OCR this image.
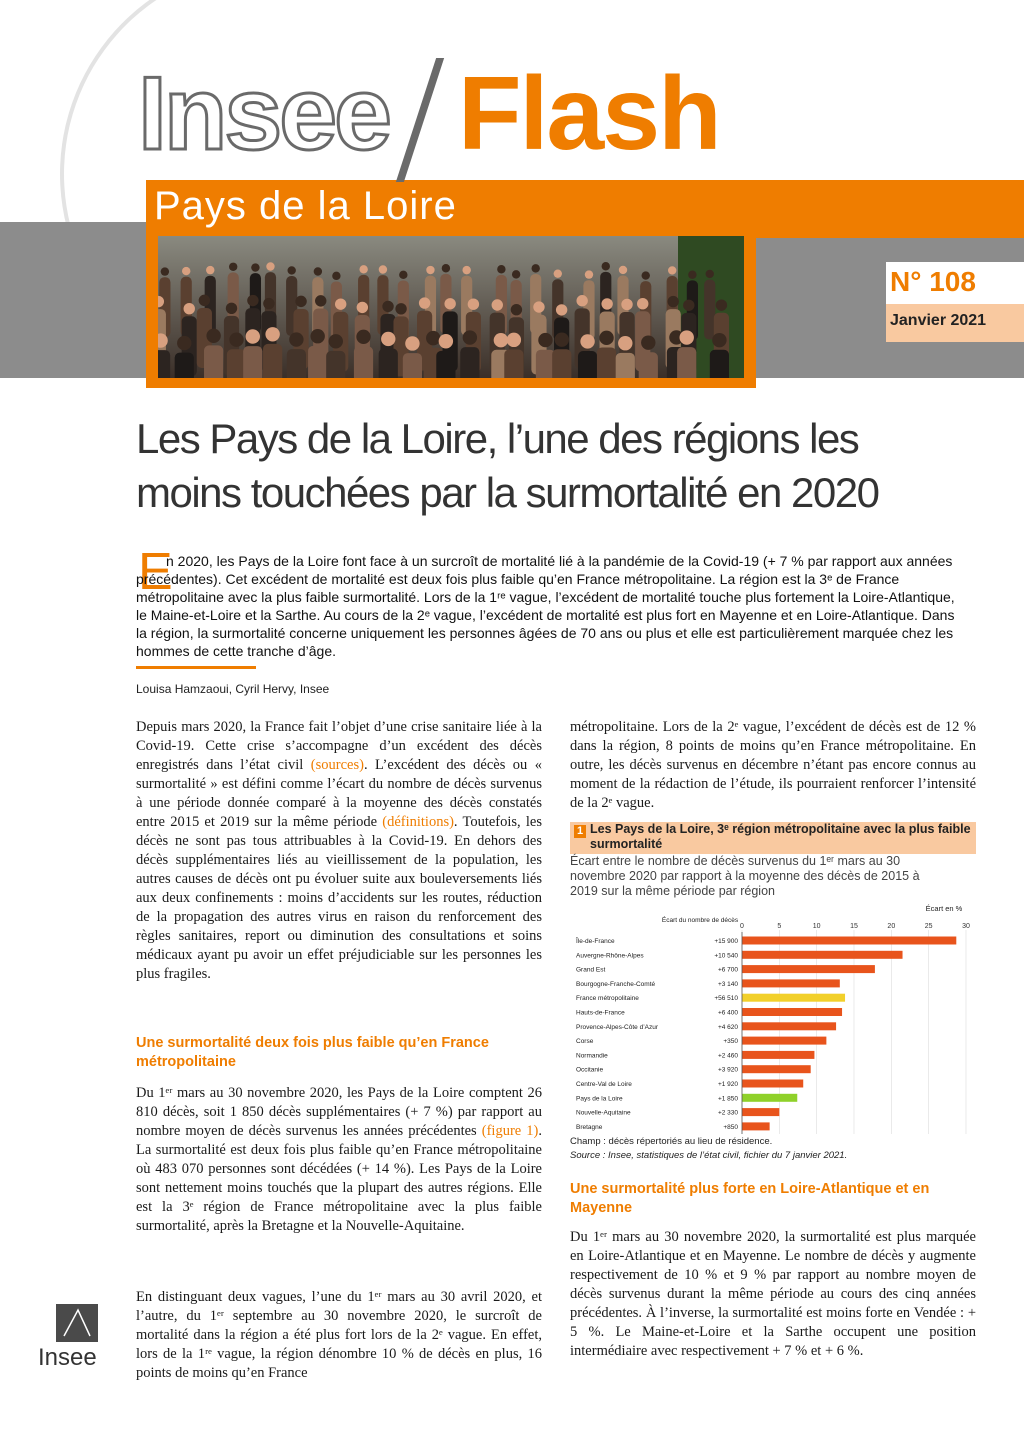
Insee Flash
Pays de la Loire
N° 108
Janvier 2021
Les Pays de la Loire, l’une des régions les moins touchées par la surmortalité en 2020
E
n 2020, les Pays de la Loire font face à un surcroît de mortalité lié à la pandémie de la Covid-19 (+ 7 % par rapport aux années précédentes). Cet excédent de mortalité est deux fois plus faible qu’en France métropolitaine. La région est la 3ᵉ de France métropolitaine avec la plus faible surmortalité. Lors de la 1ʳᵉ vague, l’excédent de mortalité touche plus fortement la Loire-Atlantique, le Maine-et-Loire et la Sarthe. Au cours de la 2ᵉ vague, l’excédent de mortalité est plus fort en Mayenne et en Loire-Atlantique. Dans la région, la surmortalité concerne uniquement les personnes âgées de 70 ans ou plus et elle est particulièrement marquée chez les hommes de cette tranche d’âge.
Louisa Hamzaoui, Cyril Hervy, Insee

Depuis mars 2020, la France fait l’objet d’une crise sanitaire liée à la Covid-19. Cette crise s’accompagne d’un excédent des décès enregistrés dans l’état civil (sources). L’excédent des décès ou « surmortalité » est défini comme l’écart du nombre de décès survenus à une période donnée comparé à la moyenne des décès constatés entre 2015 et 2019 sur la même période (définitions). Toutefois, les décès ne sont pas tous attribuables à la Covid-19. En dehors des décès supplémentaires liés au vieillissement de la population, les autres causes de décès ont pu évoluer suite aux bouleversements liés aux deux confinements : moins d’accidents sur les routes, réduction de la propagation des autres virus en raison du renforcement des règles sanitaires, report ou diminution des consultations et soins médicaux ayant pu avoir un effet préjudiciable sur les personnes les plus fragiles.

Une surmortalité deux fois plus faible qu’en France métropolitaine

Du 1ᵉʳ mars au 30 novembre 2020, les Pays de la Loire comptent 26 810 décès, soit 1 850 décès supplémentaires (+ 7 %) par rapport au nombre moyen de décès survenus les années précédentes (figure 1). La surmortalité est deux fois plus faible qu’en France métropolitaine où 483 070 personnes sont décédées (+ 14 %). Les Pays de la Loire sont nettement moins touchés que la plupart des autres régions. Elle est la 3ᵉ région de France métropolitaine avec la plus faible surmortalité, après la Bretagne et la Nouvelle-Aquitaine.

En distinguant deux vagues, l’une du 1ᵉʳ mars au 30 avril 2020, et l’autre, du 1ᵉʳ septembre au 30 novembre 2020, le surcroît de mortalité dans la région a été plus fort lors de la 2ᵉ vague. En effet, lors de la 1ʳᵉ vague, la région dénombre 10 % de décès en plus, 16 points de moins qu’en France

métropolitaine. Lors de la 2ᵉ vague, l’excédent de décès est de 12 % dans la région, 8 points de moins qu’en France métropolitaine. En outre, les décès survenus en décembre n’étant pas encore connus au moment de la rédaction de l’étude, ils pourraient renforcer l’intensité de la 2ᵉ vague.

1 Les Pays de la Loire, 3ᵉ région métropolitaine avec la plus faible surmortalité
Écart entre le nombre de décès survenus du 1ᵉʳ mars au 30 novembre 2020 par rapport à la moyenne des décès de 2015 à 2019 sur la même période par région
Écart en %
Écart du nombre de décès
0	5	10	15	20	25	30
Île-de-France	+15 900
Auvergne-Rhône-Alpes	+10 540
Grand Est	+6 700
Bourgogne-Franche-Comté	+3 140
France métropolitaine	+56 510
Hauts-de-France	+6 400
Provence-Alpes-Côte d’Azur	+4 620
Corse	+350
Normandie	+2 460
Occitanie	+3 920
Centre-Val de Loire	+1 920
Pays de la Loire	+1 850
Nouvelle-Aquitaine	+2 330
Bretagne	+850
Champ : décès répertoriés au lieu de résidence.
Source : Insee, statistiques de l’état civil, fichier du 7 janvier 2021.
Une surmortalité plus forte en Loire-Atlantique et en Mayenne

Du 1ᵉʳ mars au 30 novembre 2020, la surmortalité est plus marquée en Loire-Atlantique et en Mayenne. Le nombre de décès y augmente respectivement de 10 % et 9 % par rapport au nombre moyen de décès survenus durant la même période au cours des cinq années précédentes. À l’inverse, la surmortalité est moins forte en Vendée : + 5 %. Le Maine-et-Loire et la Sarthe occupent une position intermédiaire avec respectivement + 7 % et + 6 %.

Insee
